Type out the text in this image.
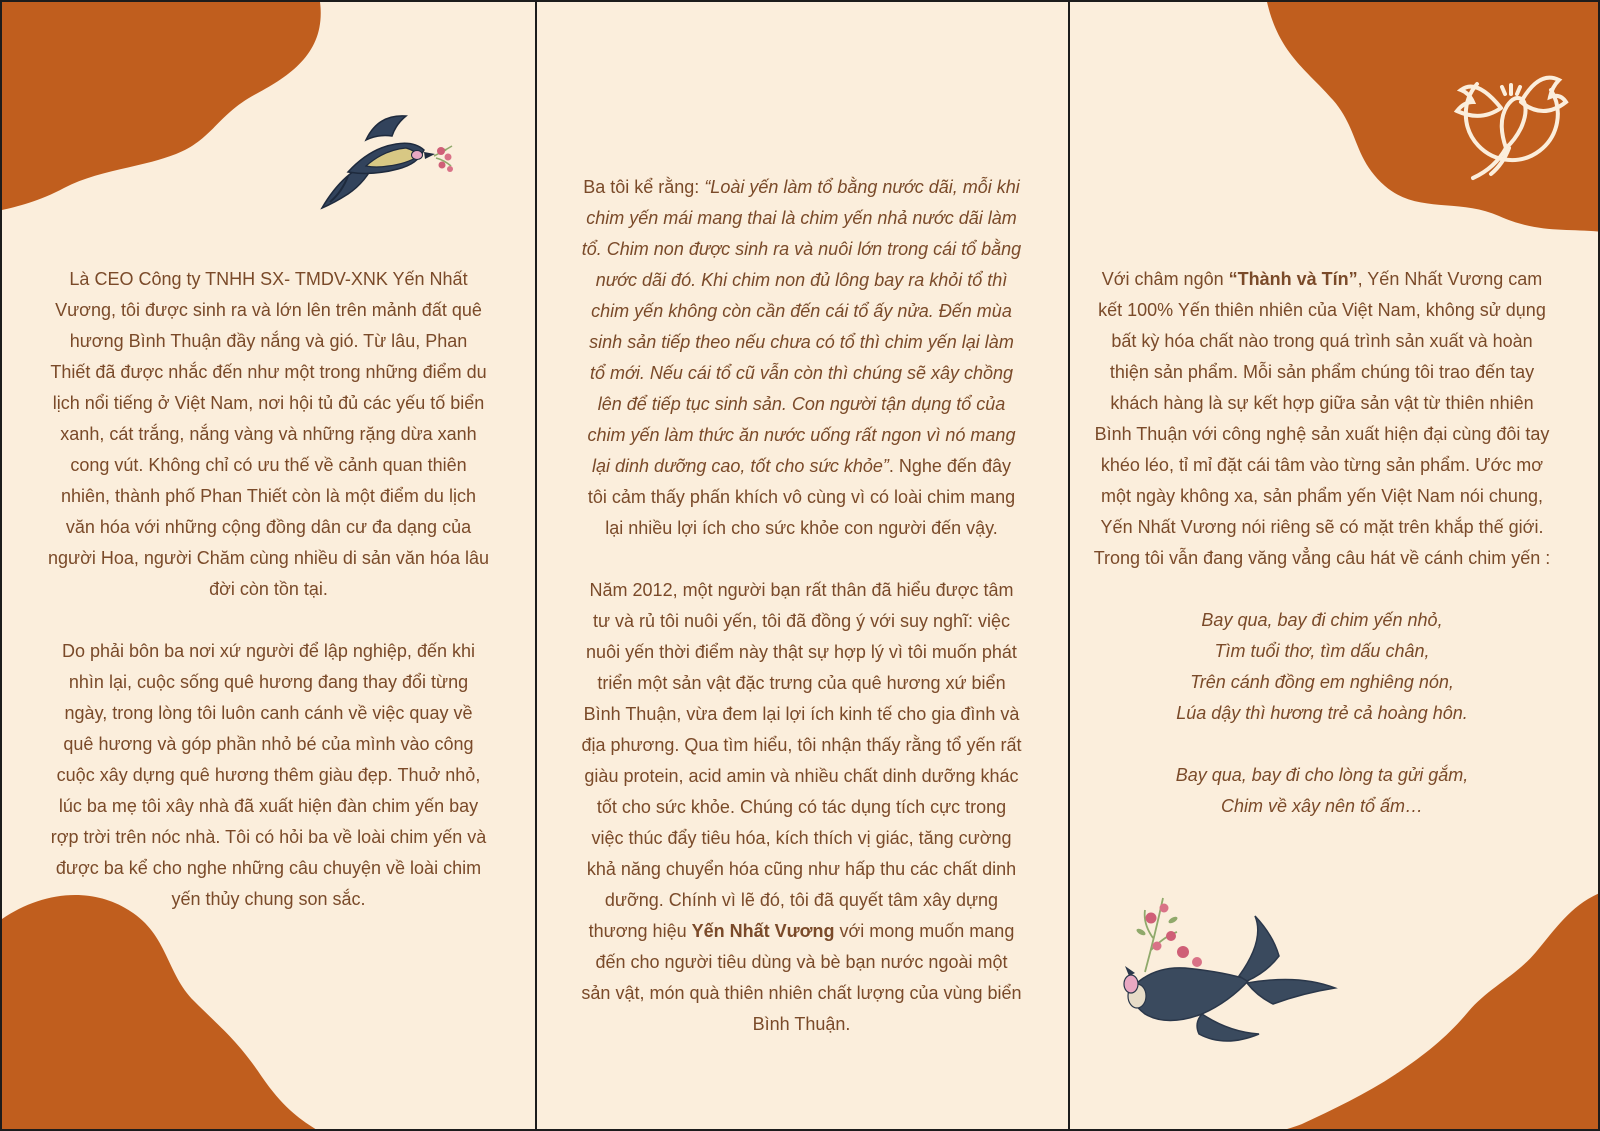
Là CEO Công ty TNHH SX- TMDV-XNK Yến Nhất Vương, tôi được sinh ra và lớn lên trên mảnh đất quê hương Bình Thuận đầy nắng và gió. Từ lâu, Phan Thiết đã được nhắc đến như một trong những điểm du lịch nổi tiếng ở Việt Nam, nơi hội tủ đủ các yếu tố biển xanh, cát trắng, nắng vàng và những rặng dừa xanh cong vút. Không chỉ có ưu thế về cảnh quan thiên nhiên, thành phố Phan Thiết còn là một điểm du lịch văn hóa với những cộng đồng dân cư đa dạng của người Hoa, người Chăm cùng nhiều di sản văn hóa lâu đời còn tồn tại.
Do phải bôn ba nơi xứ người để lập nghiệp, đến khi nhìn lại, cuộc sống quê hương đang thay đổi từng ngày, trong lòng tôi luôn canh cánh về việc quay về quê hương và góp phần nhỏ bé của mình vào công cuộc xây dựng quê hương thêm giàu đẹp. Thuở nhỏ, lúc ba mẹ tôi xây nhà đã xuất hiện đàn chim yến bay rợp trời trên nóc nhà. Tôi có hỏi ba về loài chim yến và được ba kể cho nghe những câu chuyện về loài chim yến thủy chung son sắc.
Ba tôi kể rằng: “Loài yến làm tổ bằng nước dãi, mỗi khi chim yến mái mang thai là chim yến nhả nước dãi làm tổ. Chim non được sinh ra và nuôi lớn trong cái tổ bằng nước dãi đó. Khi chim non đủ lông bay ra khỏi tổ thì chim yến không còn cần đến cái tổ ấy nửa. Đến mùa sinh sản tiếp theo nếu chưa có tổ thì chim yến lại làm tổ mới. Nếu cái tổ cũ vẫn còn thì chúng sẽ xây chồng lên để tiếp tục sinh sản. Con người tận dụng tổ của chim yến làm thức ăn nước uống rất ngon vì nó mang lại dinh dưỡng cao, tốt cho sức khỏe”. Nghe đến đây tôi cảm thấy phấn khích vô cùng vì có loài chim mang lại nhiều lợi ích cho sức khỏe con người đến vậy.
Năm 2012, một người bạn rất thân đã hiểu được tâm tư và rủ tôi nuôi yến, tôi đã đồng ý với suy nghĩ: việc nuôi yến thời điểm này thật sự hợp lý vì tôi muốn phát triển một sản vật đặc trưng của quê hương xứ biển Bình Thuận, vừa đem lại lợi ích kinh tế cho gia đình và địa phương. Qua tìm hiểu, tôi nhận thấy rằng tổ yến rất giàu protein, acid amin và nhiều chất dinh dưỡng khác tốt cho sức khỏe. Chúng có tác dụng tích cực trong việc thúc đẩy tiêu hóa, kích thích vị giác, tăng cường khả năng chuyển hóa cũng như hấp thu các chất dinh dưỡng. Chính vì lẽ đó, tôi đã quyết tâm xây dựng thương hiệu Yến Nhất Vương với mong muốn mang đến cho người tiêu dùng và bè bạn nước ngoài một sản vật, món quà thiên nhiên chất lượng của vùng biển Bình Thuận.
Với châm ngôn “Thành và Tín”, Yến Nhất Vương cam kết 100% Yến thiên nhiên của Việt Nam, không sử dụng bất kỳ hóa chất nào trong quá trình sản xuất và hoàn thiện sản phẩm. Mỗi sản phẩm chúng tôi trao đến tay khách hàng là sự kết hợp giữa sản vật từ thiên nhiên Bình Thuận với công nghệ sản xuất hiện đại cùng đôi tay khéo léo, tỉ mỉ đặt cái tâm vào từng sản phẩm. Ước mơ một ngày không xa, sản phẩm yến Việt Nam nói chung, Yến Nhất Vương nói riêng sẽ có mặt trên khắp thế giới. Trong tôi vẫn đang văng vẳng câu hát về cánh chim yến :
Bay qua, bay đi chim yến nhỏ,
Tìm tuổi thơ, tìm dấu chân,
Trên cánh đồng em nghiêng nón,
Lúa dậy thì hương trẻ cả hoàng hôn.
Bay qua, bay đi cho lòng ta gửi gắm,
Chim về xây nên tổ ấm…
